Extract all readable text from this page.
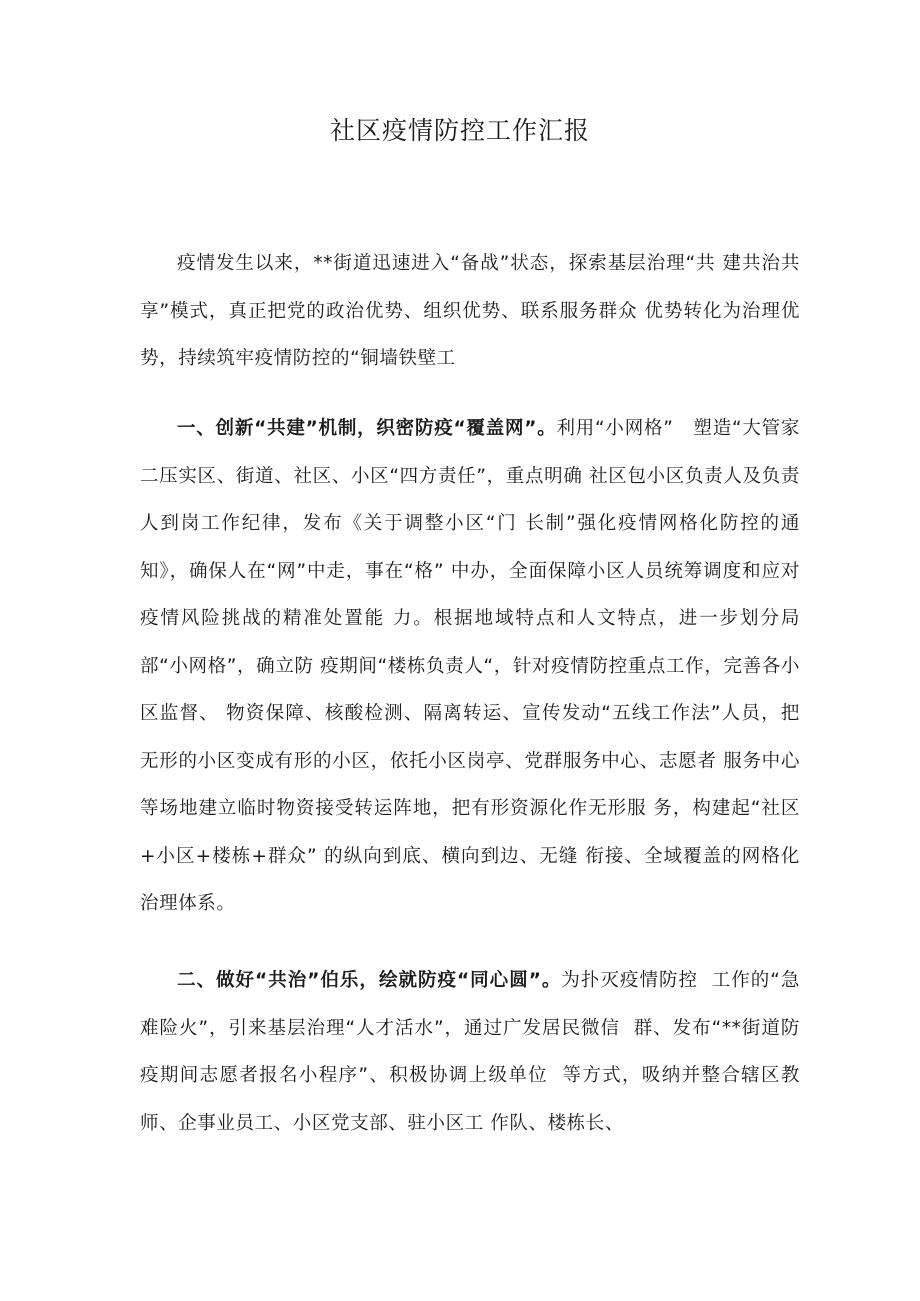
社区疫情防控工作汇报

疫情发生以来，**街道迅速进入“备战”状态，探索基层治理“共 建共治共享”模式，真正把党的政治优势、组织优势、联系服务群众 优势转化为治理优势，持续筑牢疫情防控的“铜墙铁壁工

一、创新“共建”机制，织密防疫“覆盖网”。利用“小网格”   塑造“大管家二压实区、街道、社区、小区“四方责任”，重点明确 社区包小区负责人及负责人到岗工作纪律，发布《关于调整小区“门 长制”强化疫情网格化防控的通知》，确保人在“网”中走，事在“格” 中办，全面保障小区人员统筹调度和应对疫情风险挑战的精准处置能 力。根据地域特点和人文特点，进一步划分局部“小网格”，确立防 疫期间“楼栋负责人“，针对疫情防控重点工作，完善各小区监督、 物资保障、核酸检测、隔离转运、宣传发动“五线工作法”人员，把  无形的小区变成有形的小区，依托小区岗亭、党群服务中心、志愿者 服务中心等场地建立临时物资接受转运阵地，把有形资源化作无形服 务，构建起“社区+小区+楼栋+群众” 的纵向到底、横向到边、无缝 衔接、全域覆盖的网格化治理体系。

二、做好“共治”伯乐，绘就防疫“同心圆”。为扑灭疫情防控  工作的“急难险火”，引来基层治理“人才活水”，通过广发居民微信  群、发布“**街道防疫期间志愿者报名小程序”、积极协调上级单位  等方式，吸纳并整合辖区教师、企事业员工、小区党支部、驻小区工 作队、楼栋长、
